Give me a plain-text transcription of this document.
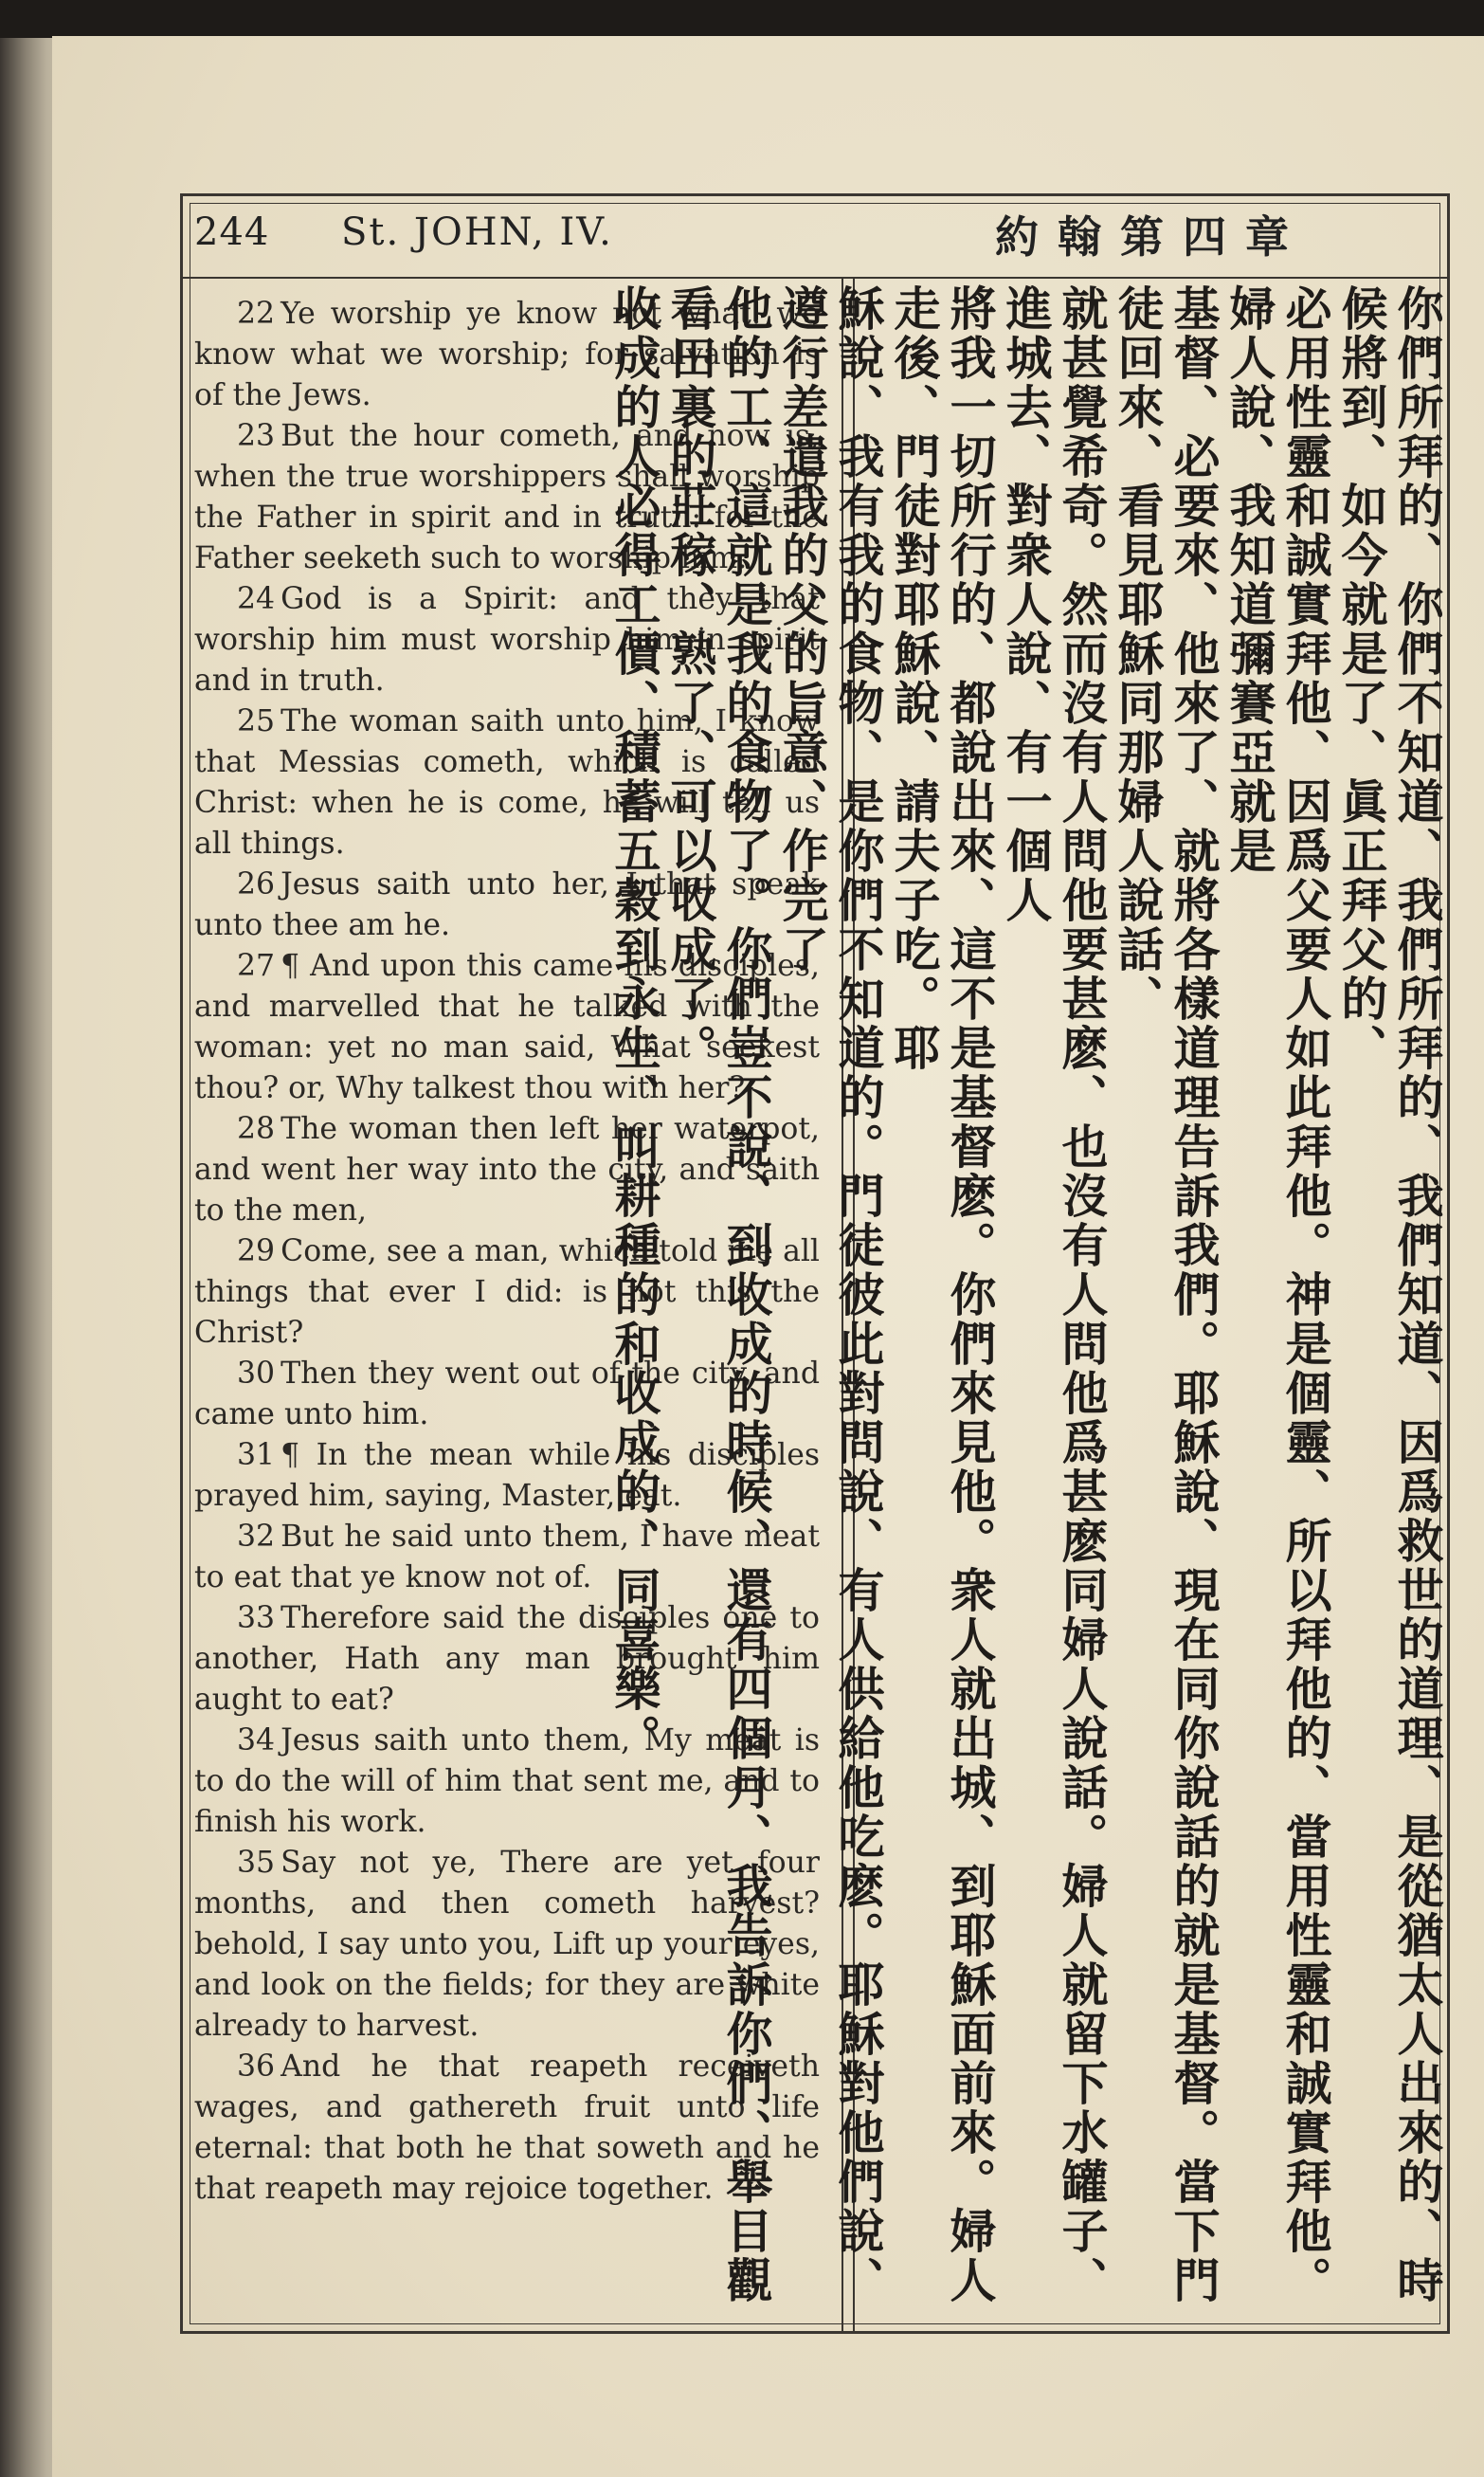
244 St. JOHN, IV.	約翰第四章

22 Ye worship ye know not what: we know what we worship; for salvation is of the Jews.

23 But the hour cometh, and now is, when the true worshippers shall worship the Father in spirit and in truth: for the Father seeketh such to worship him.

24 God is a Spirit: and they that worship him must worship him in spirit and in truth.

25 The woman saith unto him, I know that Messias cometh, which is called Christ: when he is come, he will tell us all things.

26 Jesus saith unto her, I that speak unto thee am he.

27 ¶ And upon this came his disciples, and marvelled that he talked with the woman: yet no man said, What seekest thou? or, Why talkest thou with her?

28 The woman then left her waterpot, and went her way into the city, and saith to the men,

29 Come, see a man, which told me all things that ever I did: is not this the Christ?

30 Then they went out of the city, and came unto him.

31 ¶ In the mean while his disciples prayed him, saying, Master, eat.

32 But he said unto them, I have meat to eat that ye know not of.

33 Therefore said the disciples one to another, Hath any man brought him aught to eat?

34 Jesus saith unto them, My meat is to do the will of him that sent me, and to finish his work.

35 Say not ye, There are yet four months, and then cometh harvest? behold, I say unto you, Lift up your eyes, and look on the fields; for they are white already to harvest.

36 And he that reapeth receiveth wages, and gathereth fruit unto life eternal: that both he that soweth and he that reapeth may rejoice together.	你們所拜的、你們不知道、我們所拜的、我們知道、因爲救世的道理、是從猶太人出來的、時候將到、如今就是了、眞正拜父的、
必用性靈和誠實拜他、因爲父要人如此拜他。神是個靈、所以拜他的、當用性靈和誠實拜他。婦人說、我知道彌賽亞就是
基督、必要來、他來了、就將各樣道理告訴我們。耶穌說、現在同你說話的就是基督。當下門徒回來、看見耶穌同那婦人說話、
就甚覺希奇。然而沒有人問他要甚麽、也沒有人問他爲甚麽同婦人說話。婦人就留下水罐子、進城去、對衆人說、有一個人
將我一切所行的、都說出來、這不是基督麽。你們來見他。衆人就出城、到耶穌面前來。婦人走後、門徒對耶穌說、請夫子吃。耶
穌說、我有我的食物、是你們不知道的。門徒彼此對問說、有人供給他吃麽。耶穌對他們說、遵行差遣我的父的旨意、作完了
他的工、這就是我的食物了。你們豈不說、到收成的時候、還有四個月、我告訴你們、舉目觀看田裏的莊稼、熟了、可以收成了。
收成的人必得工價、積蓄五穀到永生、叫耕種的和收成的、同喜樂。
